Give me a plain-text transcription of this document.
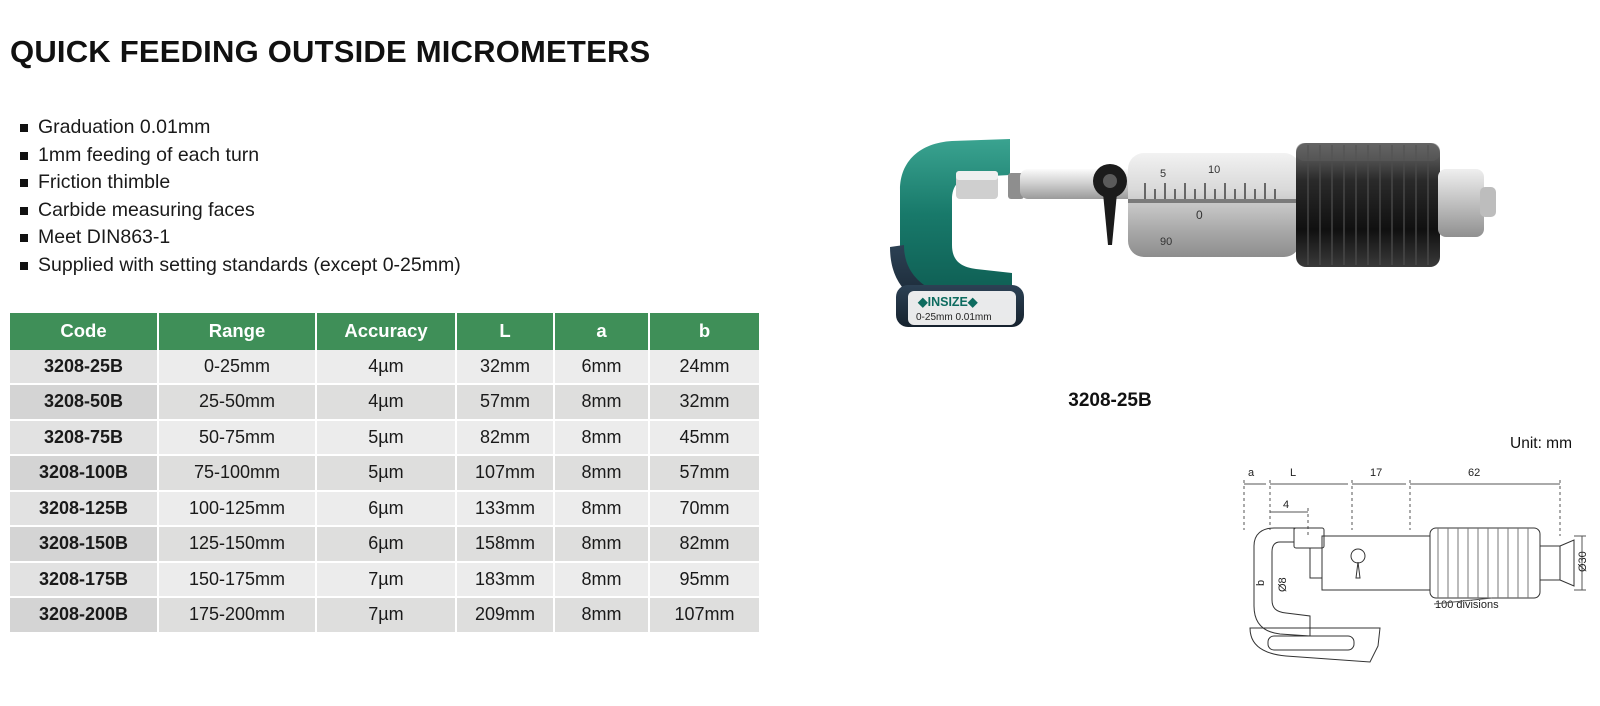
QUICK FEEDING OUTSIDE MICROMETERS
Graduation 0.01mm
1mm feeding of each turn
Friction thimble
Carbide measuring faces
Meet DIN863-1
Supplied with setting standards (except 0-25mm)
Code	Range	Accuracy	L	a	b
3208-25B	0-25mm	4µm	32mm	6mm	24mm
3208-50B	25-50mm	4µm	57mm	8mm	32mm
3208-75B	50-75mm	5µm	82mm	8mm	45mm
3208-100B	75-100mm	5µm	107mm	8mm	57mm
3208-125B	100-125mm	6µm	133mm	8mm	70mm
3208-150B	125-150mm	6µm	158mm	8mm	82mm
3208-175B	150-175mm	7µm	183mm	8mm	95mm
3208-200B	175-200mm	7µm	209mm	8mm	107mm
5	10
0
90
◆INSIZE◆
0-25mm 0.01mm
3208-25B
Unit: mm
a	L	17	62
4
100 divisions
Ø30
b Ø8
